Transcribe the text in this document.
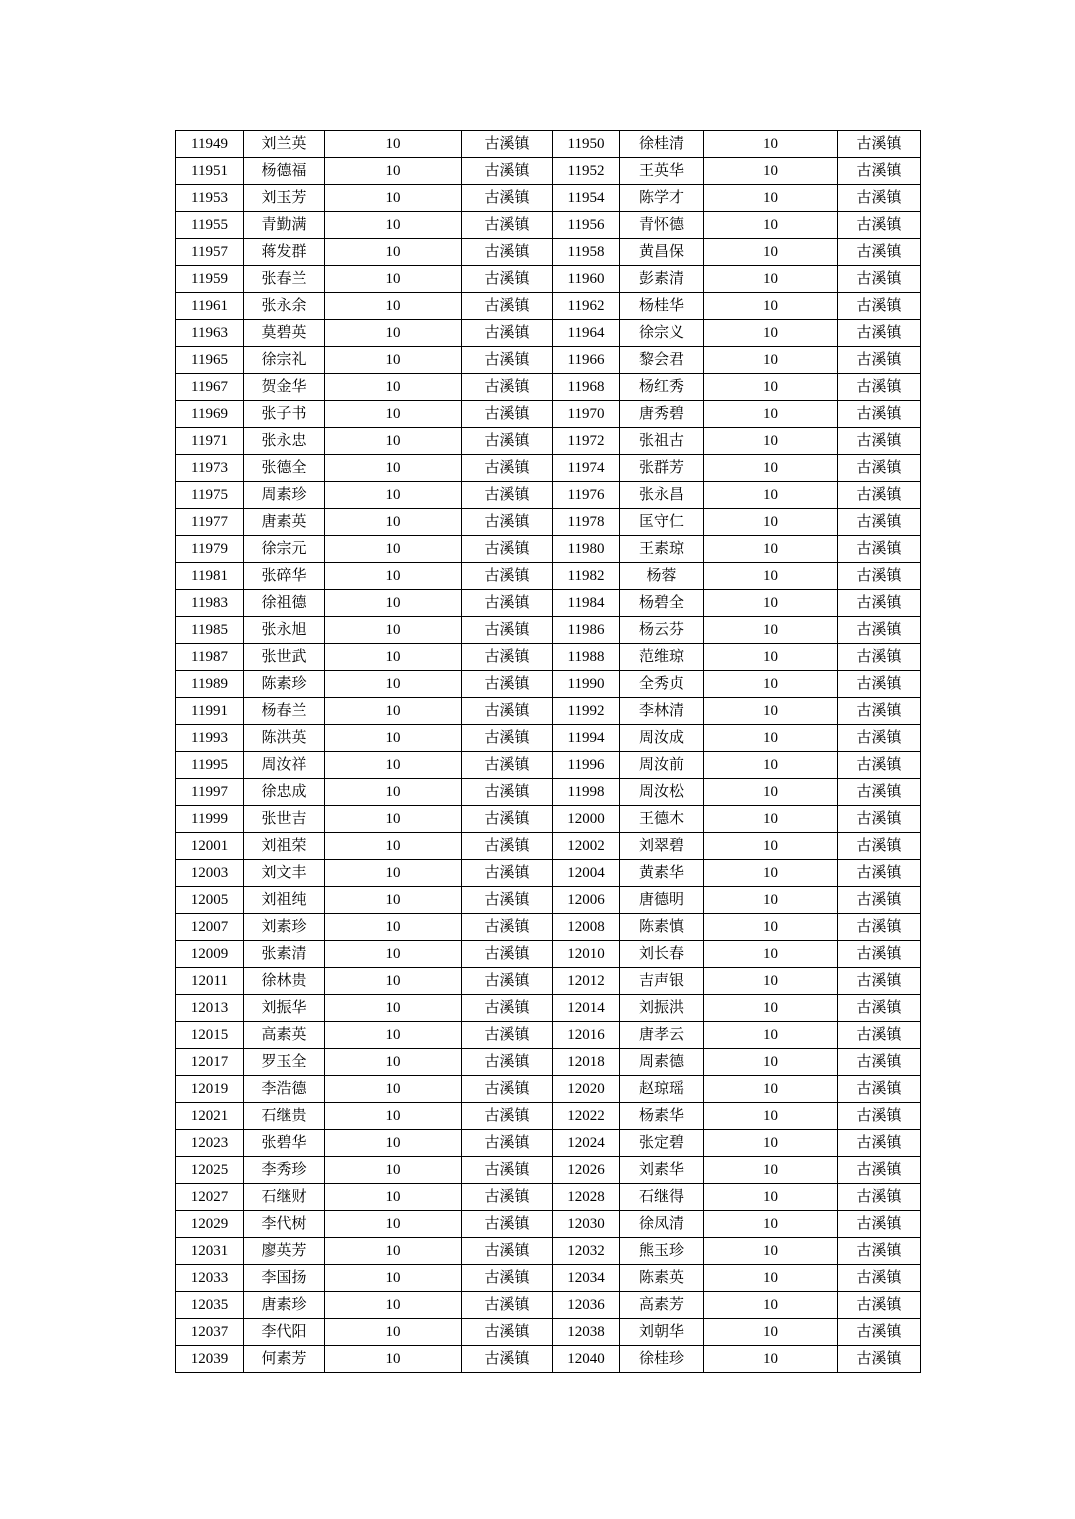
11949	刘兰英	10	古溪镇	11950	徐桂清	10	古溪镇
11951	杨德福	10	古溪镇	11952	王英华	10	古溪镇
11953	刘玉芳	10	古溪镇	11954	陈学才	10	古溪镇
11955	青勤满	10	古溪镇	11956	青怀德	10	古溪镇
11957	蒋发群	10	古溪镇	11958	黄昌保	10	古溪镇
11959	张春兰	10	古溪镇	11960	彭素清	10	古溪镇
11961	张永余	10	古溪镇	11962	杨桂华	10	古溪镇
11963	莫碧英	10	古溪镇	11964	徐宗义	10	古溪镇
11965	徐宗礼	10	古溪镇	11966	黎会君	10	古溪镇
11967	贺金华	10	古溪镇	11968	杨红秀	10	古溪镇
11969	张子书	10	古溪镇	11970	唐秀碧	10	古溪镇
11971	张永忠	10	古溪镇	11972	张祖古	10	古溪镇
11973	张德全	10	古溪镇	11974	张群芳	10	古溪镇
11975	周素珍	10	古溪镇	11976	张永昌	10	古溪镇
11977	唐素英	10	古溪镇	11978	匡守仁	10	古溪镇
11979	徐宗元	10	古溪镇	11980	王素琼	10	古溪镇
11981	张碎华	10	古溪镇	11982	杨蓉	10	古溪镇
11983	徐祖德	10	古溪镇	11984	杨碧全	10	古溪镇
11985	张永旭	10	古溪镇	11986	杨云芬	10	古溪镇
11987	张世武	10	古溪镇	11988	范维琼	10	古溪镇
11989	陈素珍	10	古溪镇	11990	全秀贞	10	古溪镇
11991	杨春兰	10	古溪镇	11992	李林清	10	古溪镇
11993	陈洪英	10	古溪镇	11994	周汝成	10	古溪镇
11995	周汝祥	10	古溪镇	11996	周汝前	10	古溪镇
11997	徐忠成	10	古溪镇	11998	周汝松	10	古溪镇
11999	张世吉	10	古溪镇	12000	王德木	10	古溪镇
12001	刘祖荣	10	古溪镇	12002	刘翠碧	10	古溪镇
12003	刘文丰	10	古溪镇	12004	黄素华	10	古溪镇
12005	刘祖纯	10	古溪镇	12006	唐德明	10	古溪镇
12007	刘素珍	10	古溪镇	12008	陈素慎	10	古溪镇
12009	张素清	10	古溪镇	12010	刘长春	10	古溪镇
12011	徐林贵	10	古溪镇	12012	吉声银	10	古溪镇
12013	刘振华	10	古溪镇	12014	刘振洪	10	古溪镇
12015	高素英	10	古溪镇	12016	唐孝云	10	古溪镇
12017	罗玉全	10	古溪镇	12018	周素德	10	古溪镇
12019	李浩德	10	古溪镇	12020	赵琼瑶	10	古溪镇
12021	石继贵	10	古溪镇	12022	杨素华	10	古溪镇
12023	张碧华	10	古溪镇	12024	张定碧	10	古溪镇
12025	李秀珍	10	古溪镇	12026	刘素华	10	古溪镇
12027	石继财	10	古溪镇	12028	石继得	10	古溪镇
12029	李代树	10	古溪镇	12030	徐凤清	10	古溪镇
12031	廖英芳	10	古溪镇	12032	熊玉珍	10	古溪镇
12033	李国扬	10	古溪镇	12034	陈素英	10	古溪镇
12035	唐素珍	10	古溪镇	12036	高素芳	10	古溪镇
12037	李代阳	10	古溪镇	12038	刘朝华	10	古溪镇
12039	何素芳	10	古溪镇	12040	徐桂珍	10	古溪镇
